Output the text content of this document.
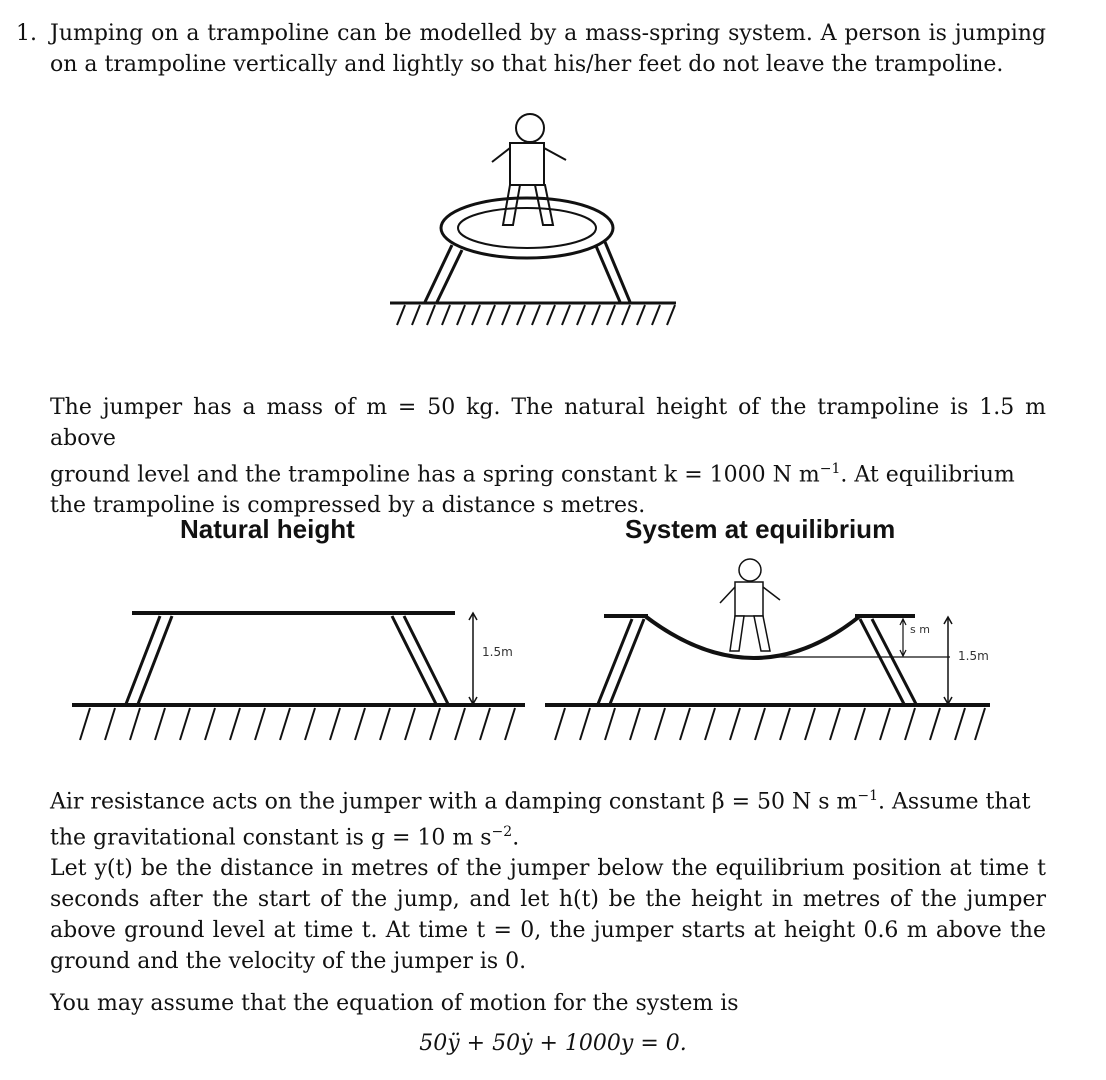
1. Jumping on a trampoline can be modelled by a mass-spring system. A person is jumping on a trampoline vertically and lightly so that his/her feet do not leave the trampoline.

1.5m	1.5m
s m

The jumper has a mass of m = 50 kg. The natural height of the trampoline is 1.5 m above
ground level and the trampoline has a spring constant k = 1000 N $m^{-1}$. At equilibrium
the trampoline is compressed by a distance s metres.

Natural height	System at equilibrium

Air resistance acts on the jumper with a damping constant β = 50 N s $m^{-1}$. Assume that
the gravitational constant is g = 10 m $s^{-2}$.

Let y(t) be the distance in metres of the jumper below the equilibrium position at time t seconds after the start of the jump, and let h(t) be the height in metres of the jumper above ground level at time t. At time t = 0, the jumper starts at height 0.6 m above the ground and the velocity of the jumper is 0.

You may assume that the equation of motion for the system is

50ÿ + 50ẏ + 1000y = 0.
